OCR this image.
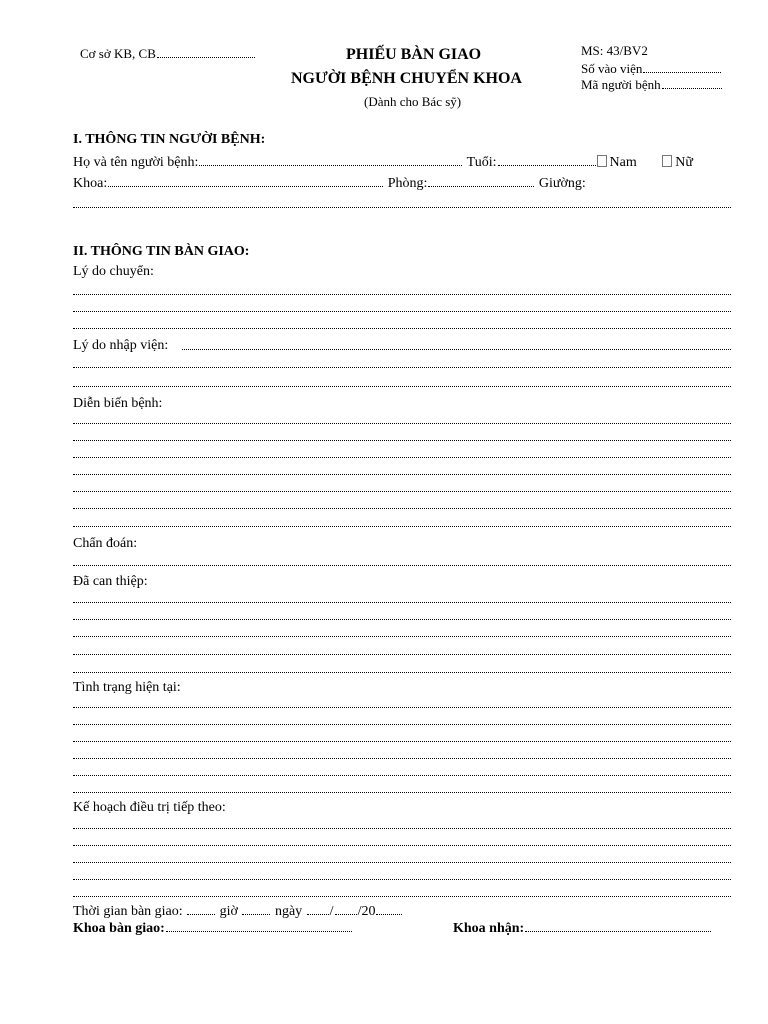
Cơ sở KB, CB	PHIẾU BÀN GIAO
NGƯỜI BỆNH CHUYỂN KHOA
(Dành cho Bác sỹ)
MS: 43/BV2
Số vào viện
Mã người bệnh
I. THÔNG TIN NGƯỜI BỆNH:
Họ và tên người bệnh:	Tuổi:	Nam	Nữ
Khoa:	Phòng:	Giường:
II. THÔNG TIN BÀN GIAO:
Lý do chuyển:
Lý do nhập viện:
Diễn biến bệnh:
Chẩn đoán:
Đã can thiệp:
Tình trạng hiện tại:
Kế hoạch điều trị tiếp theo:
Thời gian bàn giao:	giờ	ngày / /20
Khoa bàn giao:	Khoa nhận:
